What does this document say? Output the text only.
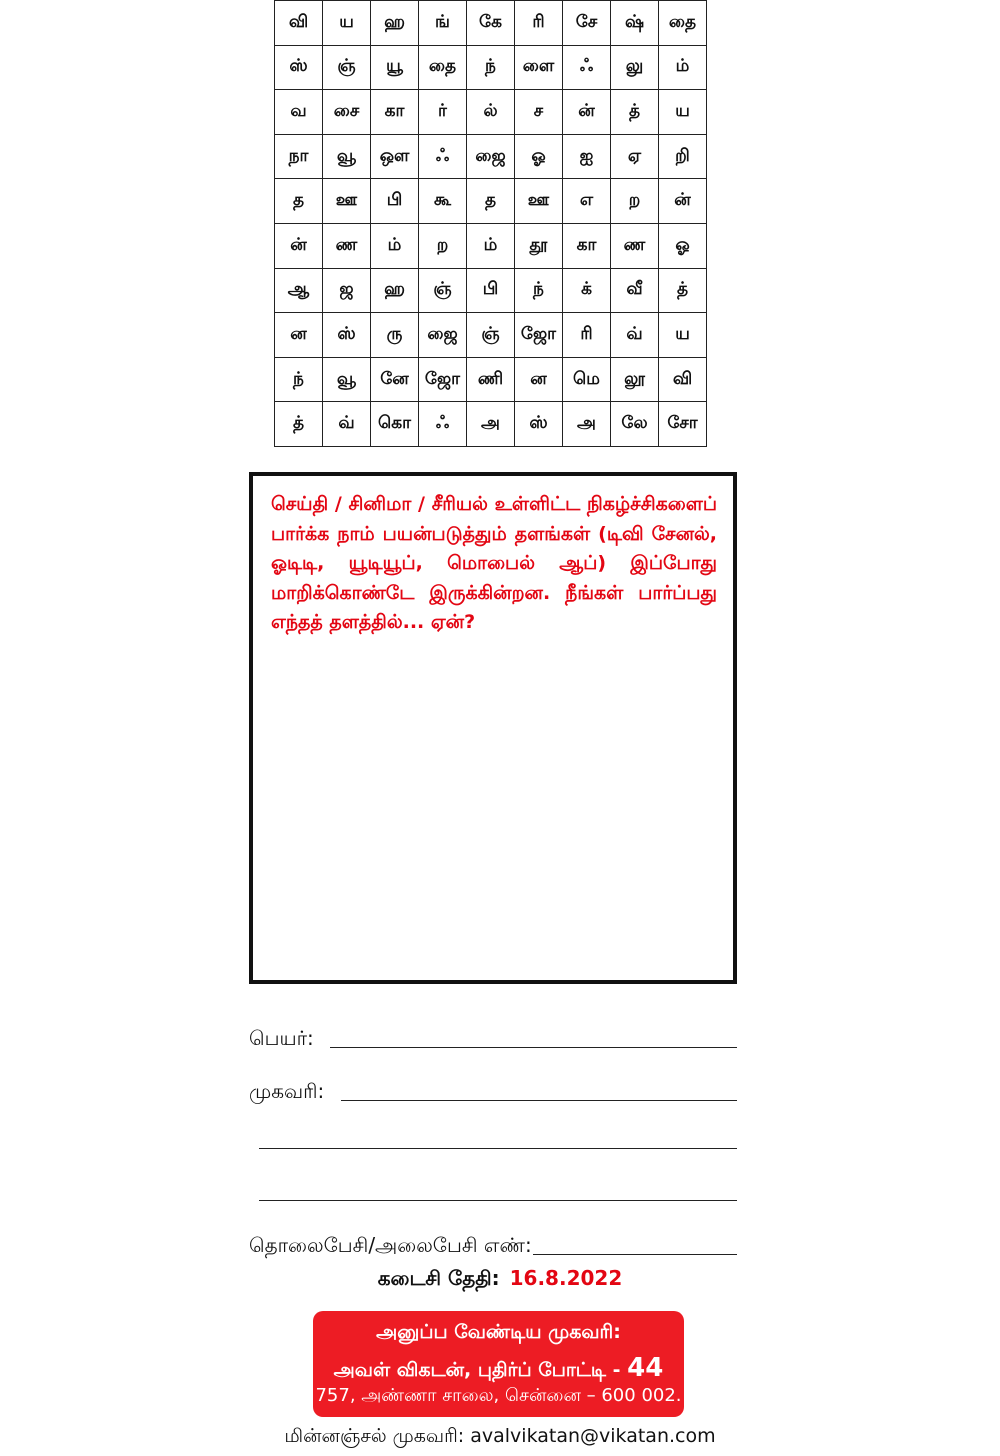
வி	ய	ஹ	ங்	கே	ரி	சே	ஷ்	தை
ஸ்	ஞ்	யூ	தை	ந்	ளை	ஃ	லு	ம்
வ	சை	கா	ர்	ல்	ச	ன்	த்	ய
நா	வூ	ஒள	ஃ	ஜை	ஓ	ஐ	ஏ	றி
த	ஊ	பி	கூ	த	ஊ	எ	ற	ன்
ன்	ண	ம்	ற	ம்	தூ	கா	ண	ஓ
ஆ	ஜ	ஹ	ஞ்	பி	ந்	க்	வீ	த்
ன	ஸ்	ரு	ஜை	ஞ்	ஜோ	ரி	வ்	ய
ந்	வூ	னே	ஜோ	ணி	ன	மெ	லூ	வி
த்	வ்	கொ	ஃ	அ	ஸ்	அ	லே	சோ
செய்தி / சினிமா / சீரியல் உள்ளிட்ட நிகழ்ச்சிகளைப் பார்க்க நாம் பயன்படுத்தும் தளங்கள் (டிவி சேனல், ஓடிடி, யூடியூப், மொபைல் ஆப்) இப்போது மாறிக்கொண்டே இருக்கின்றன. நீங்கள் பார்ப்பது எந்தத் தளத்தில்... ஏன்?
பெயர்:
முகவரி:
தொலைபேசி/அலைபேசி எண்:
கடைசி தேதி: 16.8.2022
அனுப்ப வேண்டிய முகவரி:
அவள் விகடன், புதிர்ப் போட்டி - 44
757, அண்ணா சாலை, சென்னை – 600 002.
மின்னஞ்சல் முகவரி: avalvikatan@vikatan.com
